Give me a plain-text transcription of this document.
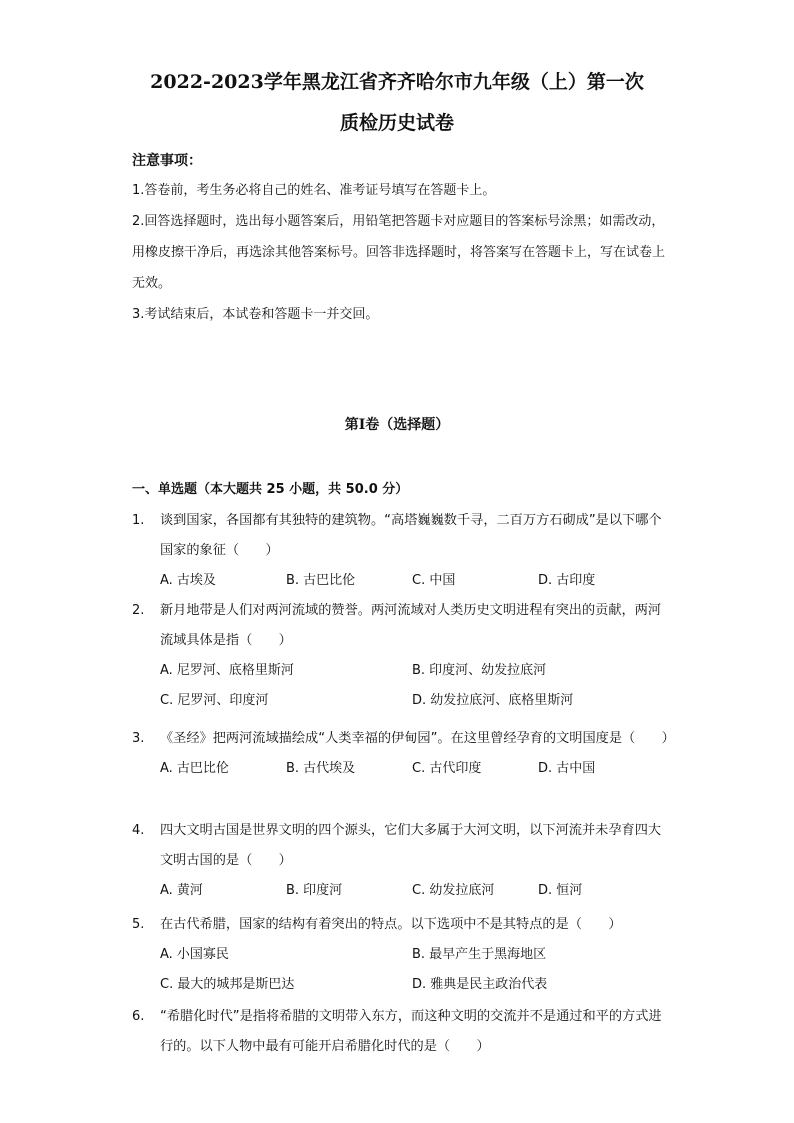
2022-2023学年黑龙江省齐齐哈尔市九年级（上）第一次
质检历史试卷
注意事项：
1.答卷前，考生务必将自己的姓名、准考证号填写在答题卡上。
2.回答选择题时，选出每小题答案后，用铅笔把答题卡对应题目的答案标号涂黑；如需改动，用橡皮擦干净后，再选涂其他答案标号。回答非选择题时，将答案写在答题卡上，写在试卷上无效。
3.考试结束后，本试卷和答题卡一并交回。
第I卷（选择题）
一、单选题（本大题共 25 小题，共 50.0 分）
1. 谈到国家，各国都有其独特的建筑物。“高塔巍巍数千寻，二百万方石砌成”是以下哪个国家的象征（　　）
A. 古埃及	B. 古巴比伦	C. 中国	D. 古印度
2. 新月地带是人们对两河流域的赞誉。两河流域对人类历史文明进程有突出的贡献，两河流域具体是指（　　）
A. 尼罗河、底格里斯河	B. 印度河、幼发拉底河
C. 尼罗河、印度河	D. 幼发拉底河、底格里斯河
3. 《圣经》把两河流域描绘成“人类幸福的伊甸园”。在这里曾经孕育的文明国度是（　　）
A. 古巴比伦	B. 古代埃及	C. 古代印度	D. 古中国
4. 四大文明古国是世界文明的四个源头，它们大多属于大河文明，以下河流并未孕育四大文明古国的是（　　）
A. 黄河	B. 印度河	C. 幼发拉底河	D. 恒河
5. 在古代希腊，国家的结构有着突出的特点。以下选项中不是其特点的是（　　）
A. 小国寡民	B. 最早产生于黑海地区
C. 最大的城邦是斯巴达	D. 雅典是民主政治代表
6. “希腊化时代”是指将希腊的文明带入东方，而这种文明的交流并不是通过和平的方式进行的。以下人物中最有可能开启希腊化时代的是（　　）
